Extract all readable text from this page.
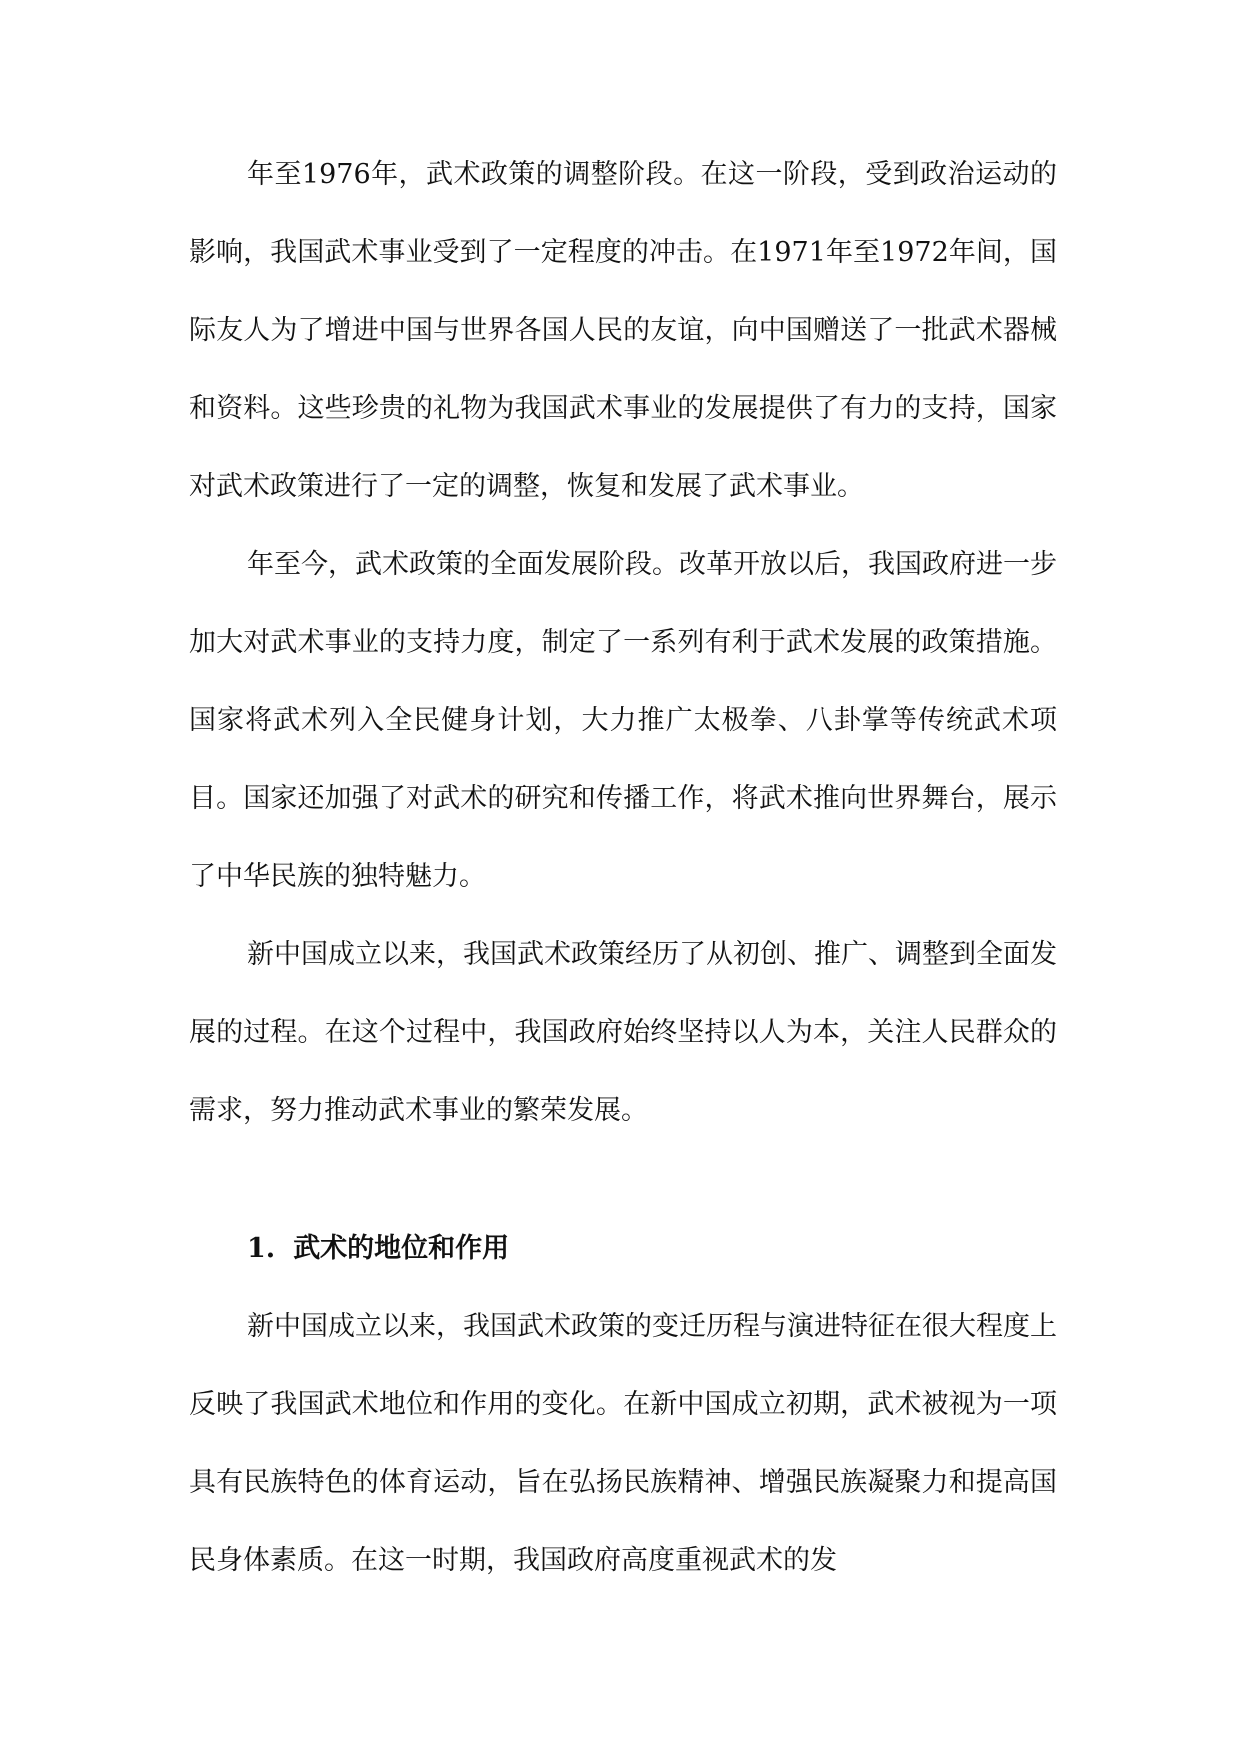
年至1976年，武术政策的调整阶段。在这一阶段，受到政治运动的影响，我国武术事业受到了一定程度的冲击。在1971年至1972年间，国际友人为了增进中国与世界各国人民的友谊，向中国赠送了一批武术器械和资料。这些珍贵的礼物为我国武术事业的发展提供了有力的支持，国家对武术政策进行了一定的调整，恢复和发展了武术事业。

年至今，武术政策的全面发展阶段。改革开放以后，我国政府进一步加大对武术事业的支持力度，制定了一系列有利于武术发展的政策措施。国家将武术列入全民健身计划，大力推广太极拳、八卦掌等传统武术项目。国家还加强了对武术的研究和传播工作，将武术推向世界舞台，展示了中华民族的独特魅力。

新中国成立以来，我国武术政策经历了从初创、推广、调整到全面发展的过程。在这个过程中，我国政府始终坚持以人为本，关注人民群众的需求，努力推动武术事业的繁荣发展。

1. 武术的地位和作用

新中国成立以来，我国武术政策的变迁历程与演进特征在很大程度上反映了我国武术地位和作用的变化。在新中国成立初期，武术被视为一项具有民族特色的体育运动，旨在弘扬民族精神、增强民族凝聚力和提高国民身体素质。在这一时期，我国政府高度重视武术的发
